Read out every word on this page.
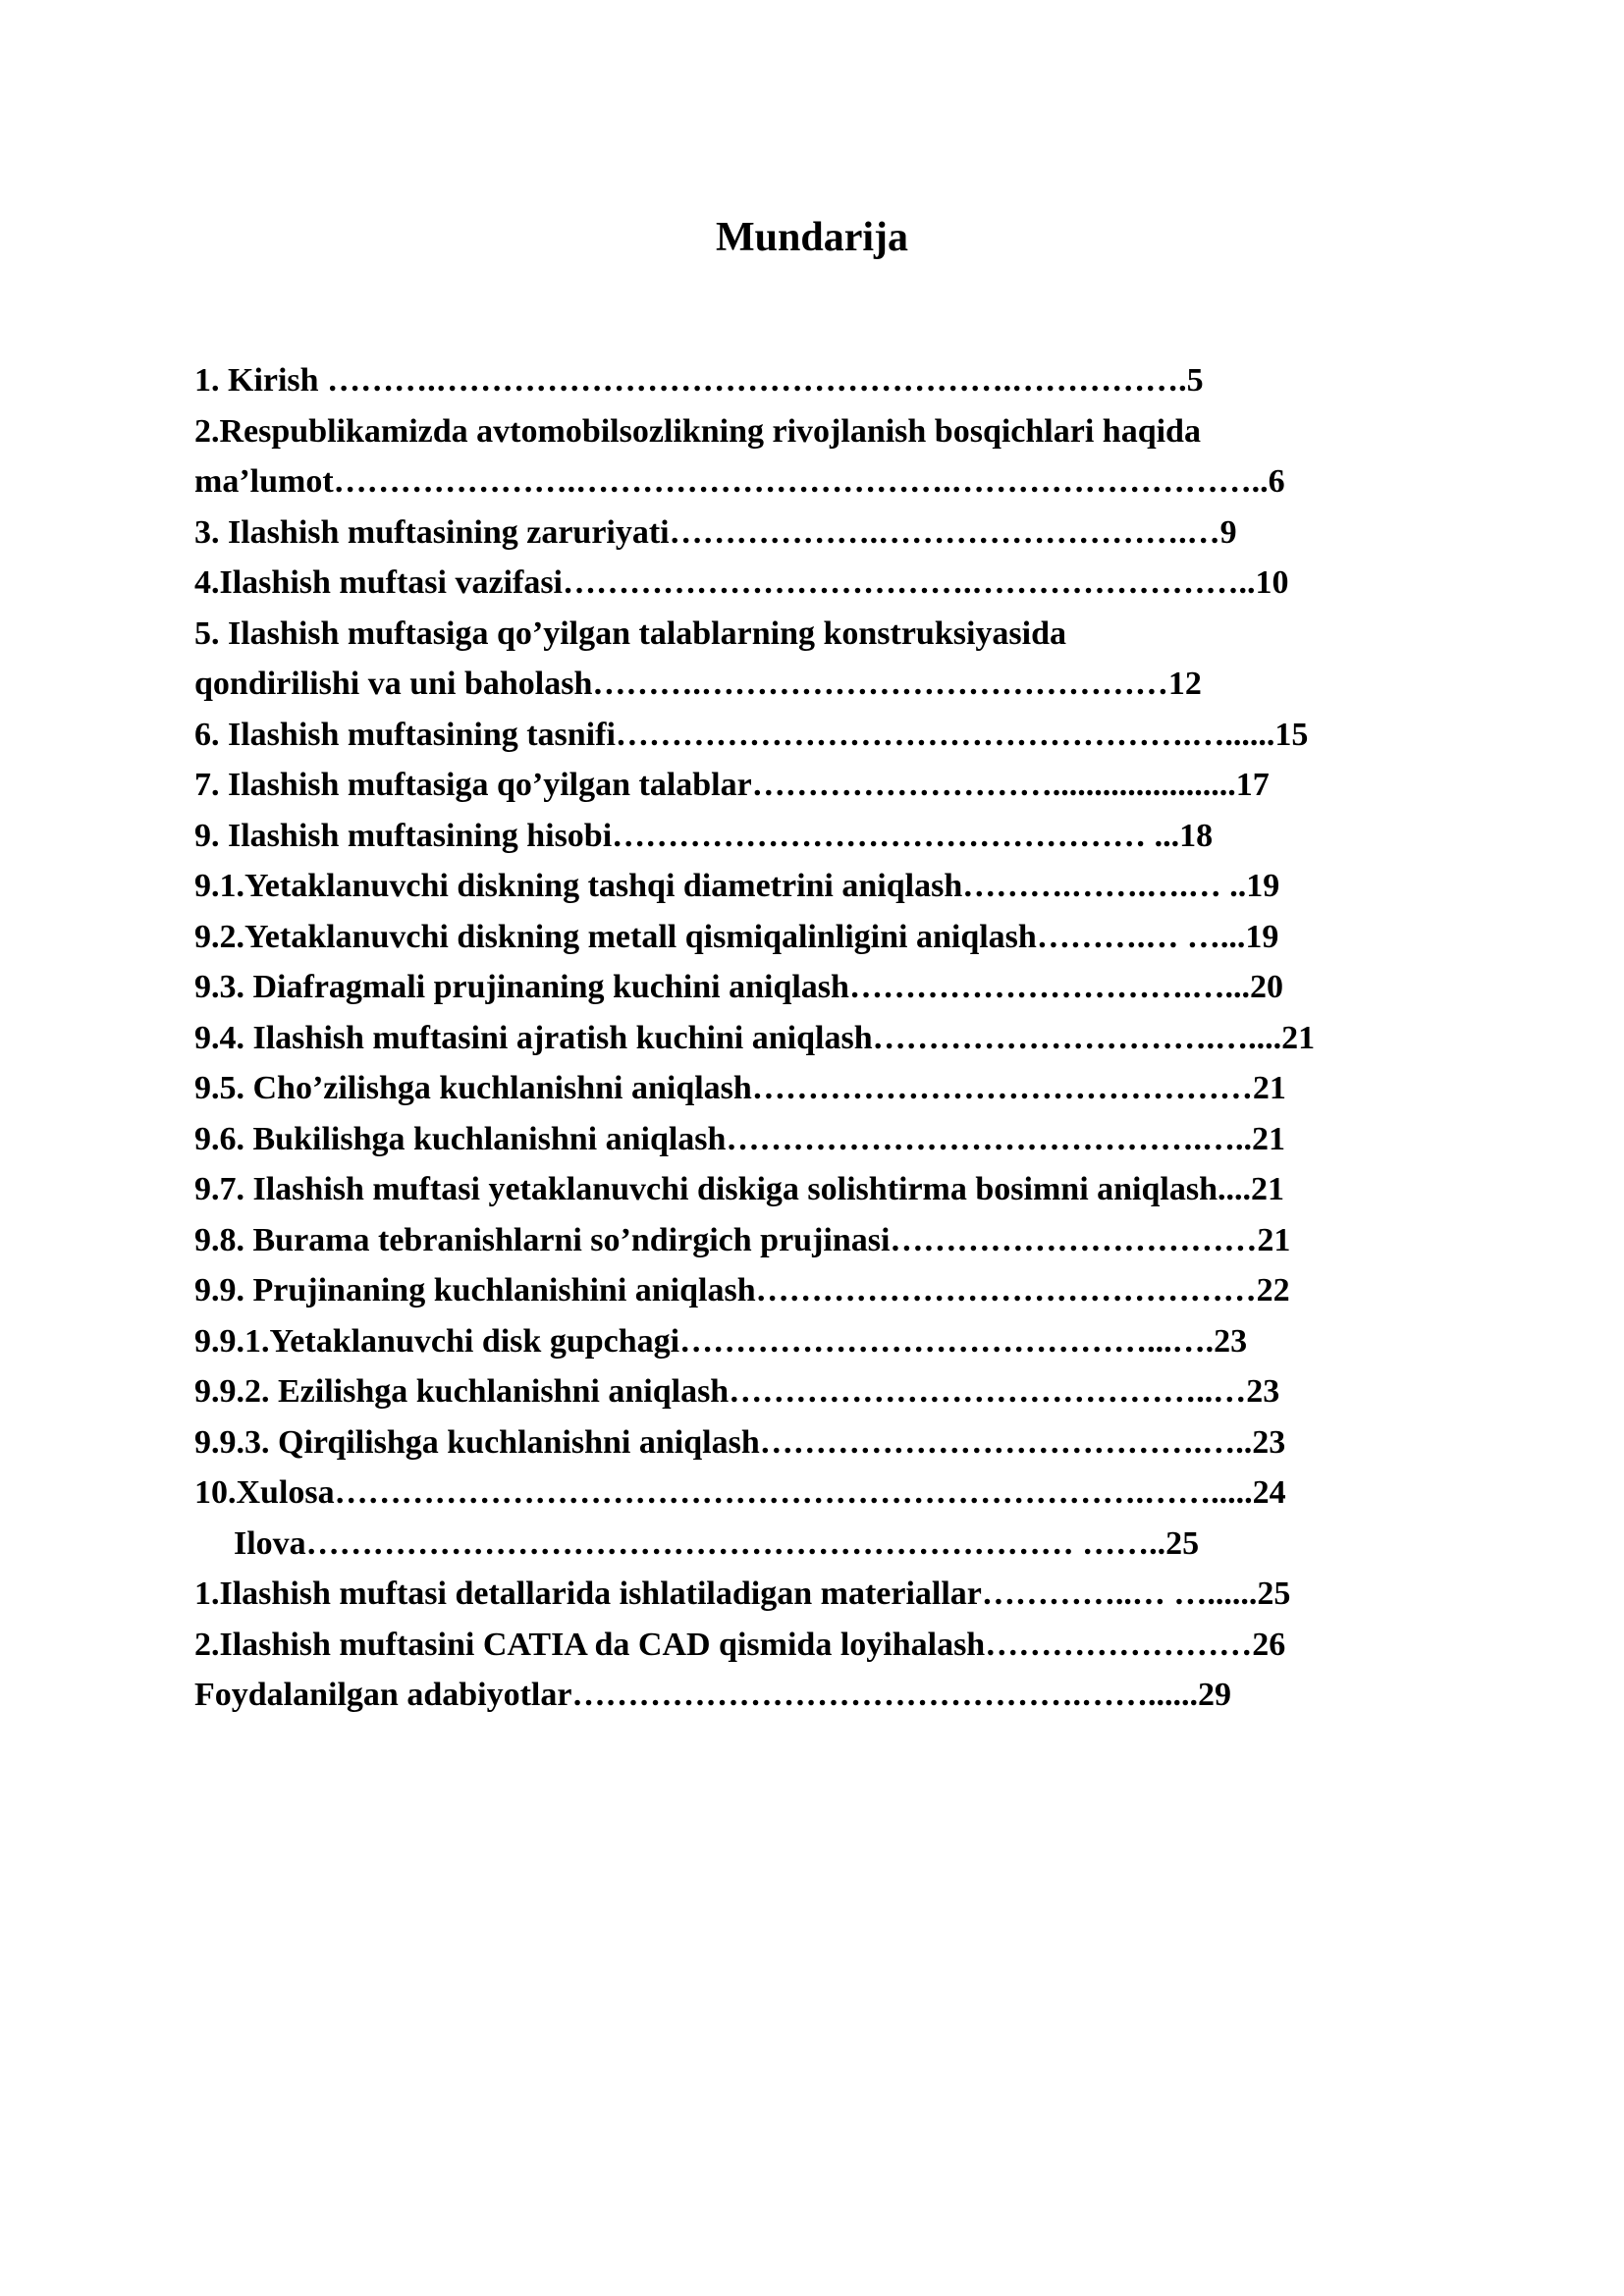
Mundarija
1. Kirish ……….…………………………………………….…………….5
2.Respublikamizda avtomobilsozlikning rivojlanish bosqichlari haqida
ma’lumot………………….…………………………….………………………..6
3. Ilashish muftasining zaruriyati……………….……………………….…9
4.Ilashish muftasi vazifasi……………………………….……………………..10
5. Ilashish muftasiga qo’yilgan talablarning konstruksiyasida
qondirilishi va uni baholash……….……………………………………12
6. Ilashish muftasining tasnifi…………………………………………….…......15
7. Ilashish muftasiga qo’yilgan talablar………………………......................17
9. Ilashish muftasining hisobi………………………………………… ...18
9.1.Yetaklanuvchi diskning tashqi diametrini aniqlash……….…….….… ..19
9.2.Yetaklanuvchi diskning metall qismiqalinligini aniqlash……….… …...19
9.3. Diafragmali prujinaning kuchini aniqlash………………………….…...20
9.4. Ilashish muftasini ajratish kuchini aniqlash………………………….…....21
9.5. Cho’zilishga kuchlanishni aniqlash………………………………………21
9.6. Bukilishga kuchlanishni aniqlash…………………………………….…..21
9.7. Ilashish muftasi yetaklanuvchi diskiga solishtirma bosimni aniqlash....21
9.8. Burama tebranishlarni so’ndirgich prujinasi……………………………21
9.9. Prujinaning kuchlanishini aniqlash………………………………………22
9.9.1.Yetaklanuvchi disk gupchagi……………………………………...….23
9.9.2. Ezilishga kuchlanishni aniqlash……………………………………..…23
9.9.3. Qirqilishga kuchlanishni aniqlash………………………………….…..23
10.Xulosa……………………………………………………………….…….....24
Ilova…………………………………………………………… ……..25
1.Ilashish muftasi detallarida ishlatiladigan materiallar…………..… …......25
2.Ilashish muftasini CATIA da CAD qismida loyihalash……………………26
Foydalanilgan adabiyotlar……………………………………….……......29
